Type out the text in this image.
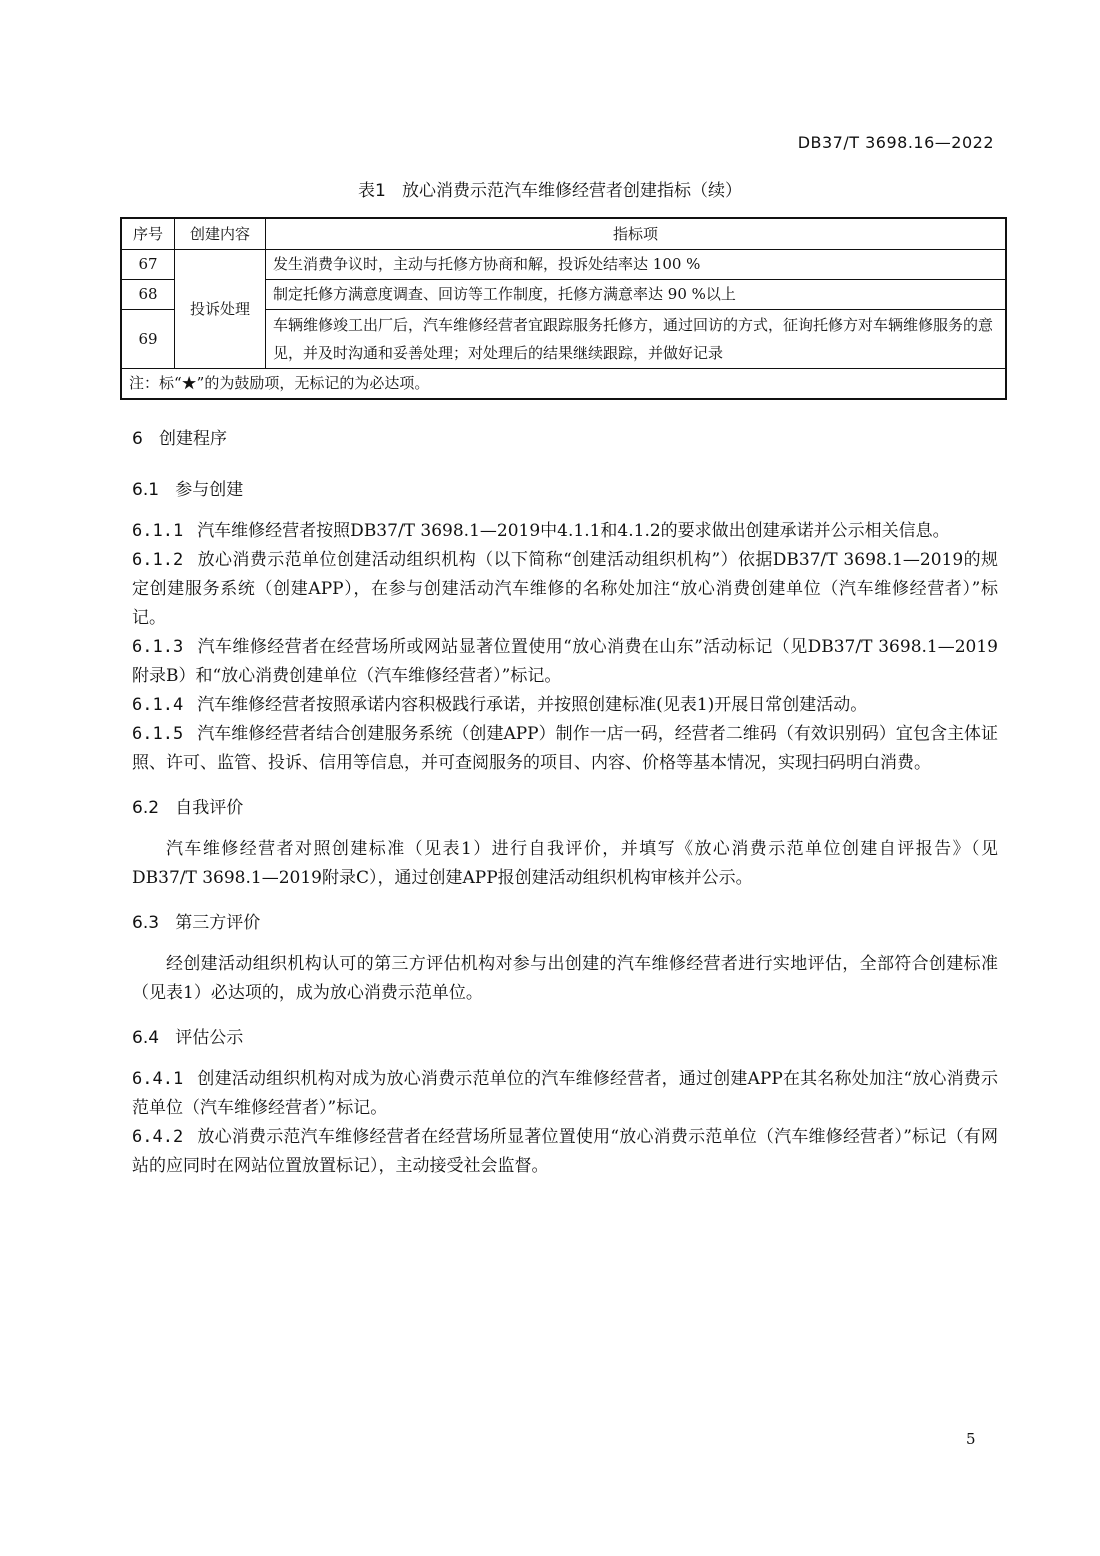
DB37/T 3698.16—2022
表1   放心消费示范汽车维修经营者创建指标（续）
序号	创建内容	指标项
67	投诉处理	发生消费争议时，主动与托修方协商和解，投诉处结率达 100 %
68		制定托修方满意度调查、回访等工作制度，托修方满意率达 90 %以上
69		车辆维修竣工出厂后，汽车维修经营者宜跟踪服务托修方，通过回访的方式，征询托修方对车辆维修服务的意见，并及时沟通和妥善处理；对处理后的结果继续跟踪，并做好记录
注：标“★”的为鼓励项，无标记的为必达项。		
6   创建程序
6.1   参与创建

6.1.1 汽车维修经营者按照DB37/T 3698.1—2019中4.1.1和4.1.2的要求做出创建承诺并公示相关信息。

6.1.2 放心消费示范单位创建活动组织机构（以下简称“创建活动组织机构”）依据DB37/T 3698.1—2019的规定创建服务系统（创建APP），在参与创建活动汽车维修的名称处加注“放心消费创建单位（汽车维修经营者）”标记。

6.1.3 汽车维修经营者在经营场所或网站显著位置使用“放心消费在山东”活动标记（见DB37/T 3698.1—2019附录B）和“放心消费创建单位（汽车维修经营者）”标记。

6.1.4 汽车维修经营者按照承诺内容积极践行承诺，并按照创建标准(见表1)开展日常创建活动。

6.1.5 汽车维修经营者结合创建服务系统（创建APP）制作一店一码，经营者二维码（有效识别码）宜包含主体证照、许可、监管、投诉、信用等信息，并可查阅服务的项目、内容、价格等基本情况，实现扫码明白消费。

6.2   自我评价

汽车维修经营者对照创建标准（见表1）进行自我评价，并填写《放心消费示范单位创建自评报告》（见DB37/T 3698.1—2019附录C），通过创建APP报创建活动组织机构审核并公示。

6.3   第三方评价

经创建活动组织机构认可的第三方评估机构对参与出创建的汽车维修经营者进行实地评估，全部符合创建标准（见表1）必达项的，成为放心消费示范单位。

6.4   评估公示

6.4.1 创建活动组织机构对成为放心消费示范单位的汽车维修经营者，通过创建APP在其名称处加注“放心消费示范单位（汽车维修经营者）”标记。

6.4.2 放心消费示范汽车维修经营者在经营场所显著位置使用“放心消费示范单位（汽车维修经营者）”标记（有网站的应同时在网站位置放置标记），主动接受社会监督。

5
